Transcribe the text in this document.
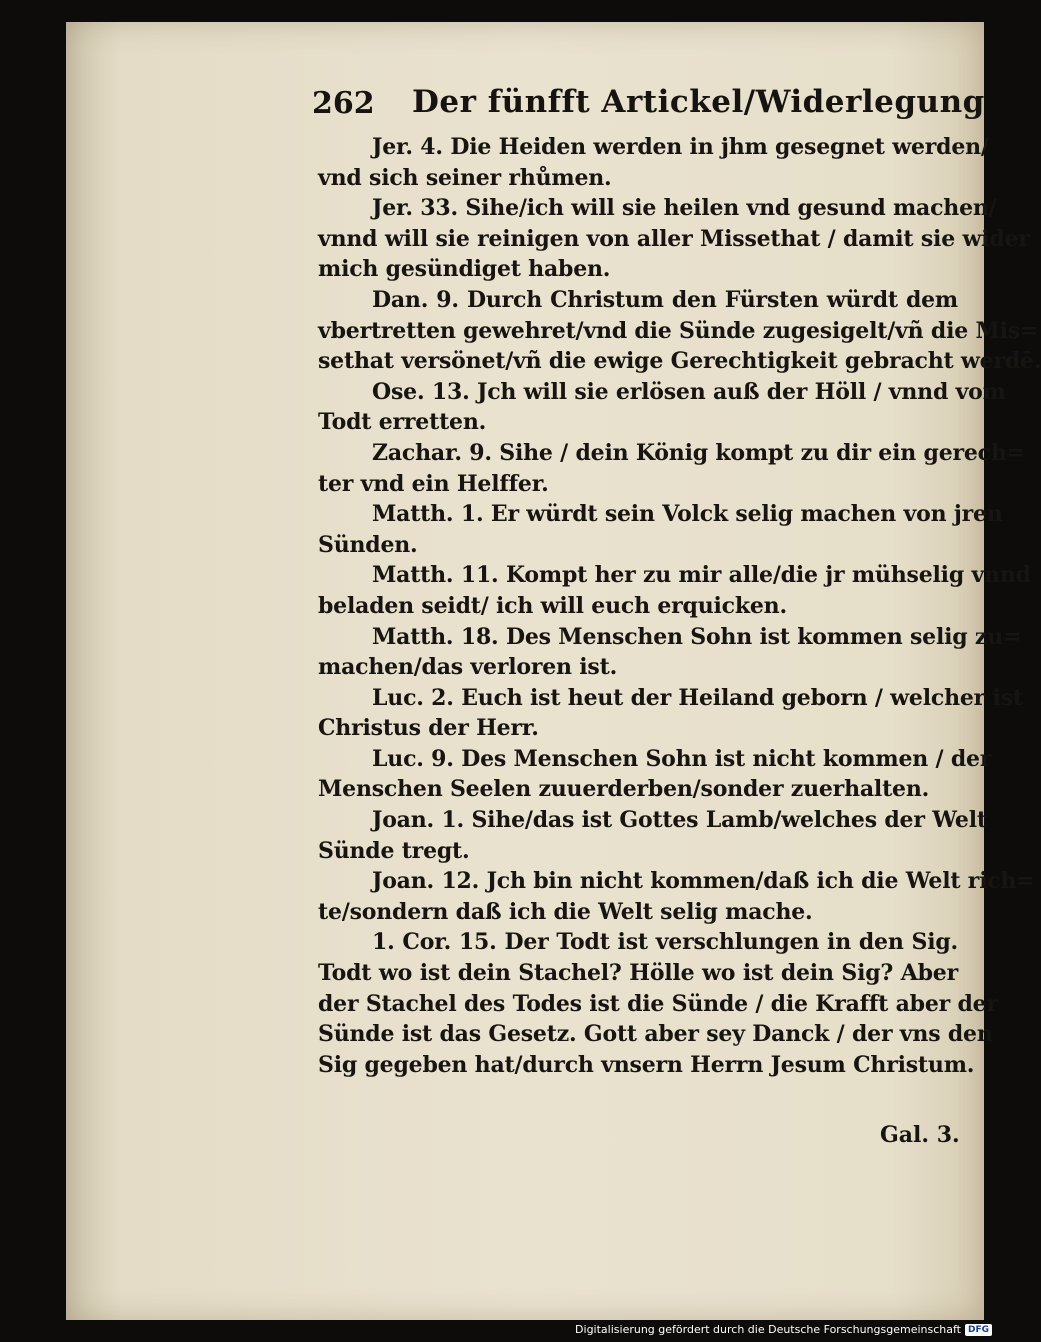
262 Der fünfft Artickel/Widerlegung
Jer. 4. Die Heiden werden in jhm gesegnet werden/
vnd sich seiner rhůmen.
Jer. 33. Sihe/ich will sie heilen vnd gesund machen/
vnnd will sie reinigen von aller Missethat / damit sie wider
mich gesündiget haben.
Dan. 9. Durch Christum den Fürsten würdt dem
vbertretten gewehret/vnd die Sünde zugesigelt/vñ die Mis=
sethat versönet/vñ die ewige Gerechtigkeit gebracht werdē.
Ose. 13. Jch will sie erlösen auß der Höll / vnnd vom
Todt erretten.
Zachar. 9. Sihe / dein König kompt zu dir ein gerech=
ter vnd ein Helffer.
Matth. 1. Er würdt sein Volck selig machen von jren
Sünden.
Matth. 11. Kompt her zu mir alle/die jr mühselig vnnd
beladen seidt/ ich will euch erquicken.
Matth. 18. Des Menschen Sohn ist kommen selig zu=
machen/das verloren ist.
Luc. 2. Euch ist heut der Heiland geborn / welcher ist
Christus der Herr.
Luc. 9. Des Menschen Sohn ist nicht kommen / der
Menschen Seelen zuuerderben/sonder zuerhalten.
Joan. 1. Sihe/das ist Gottes Lamb/welches der Welt
Sünde tregt.
Joan. 12. Jch bin nicht kommen/daß ich die Welt rich=
te/sondern daß ich die Welt selig mache.
1. Cor. 15. Der Todt ist verschlungen in den Sig.
Todt wo ist dein Stachel? Hölle wo ist dein Sig? Aber
der Stachel des Todes ist die Sünde / die Krafft aber der
Sünde ist das Gesetz. Gott aber sey Danck / der vns den
Sig gegeben hat/durch vnsern Herrn Jesum Christum.
Gal. 3.
Digitalisierung gefördert durch die Deutsche Forschungsgemeinschaft DFG
